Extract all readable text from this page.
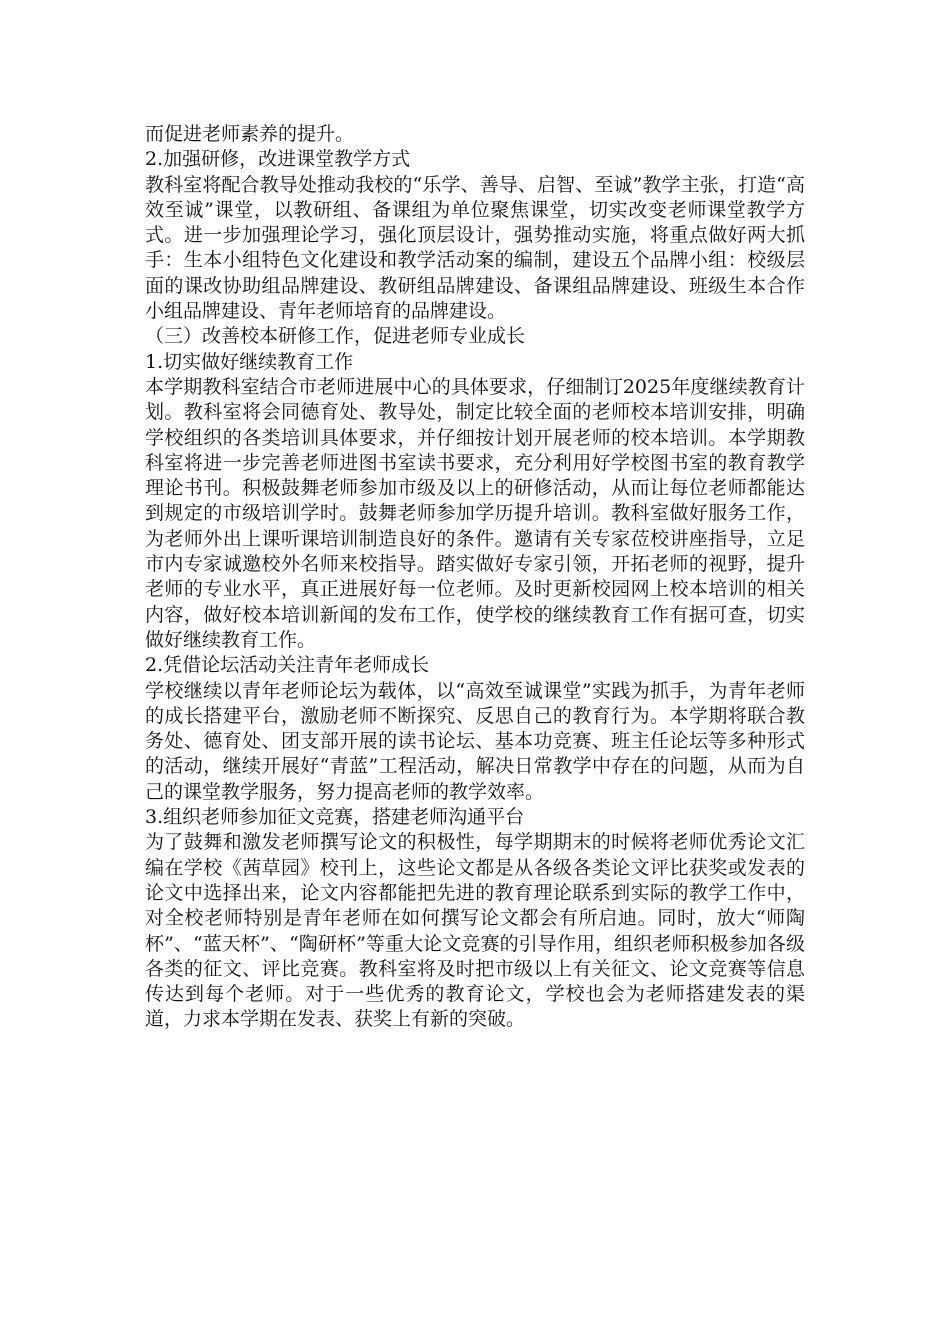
而促进老师素养的提升。

2.加强研修，改进课堂教学方式

教科室将配合教导处推动我校的“乐学、善导、启智、至诚”教学主张，打造“高效至诚”课堂，以教研组、备课组为单位聚焦课堂，切实改变老师课堂教学方式。进一步加强理论学习，强化顶层设计，强势推动实施，将重点做好两大抓手：生本小组特色文化建设和教学活动案的编制，建设五个品牌小组：校级层面的课改协助组品牌建设、教研组品牌建设、备课组品牌建设、班级生本合作小组品牌建设、青年老师培育的品牌建设。

（三）改善校本研修工作，促进老师专业成长

1.切实做好继续教育工作

本学期教科室结合市老师进展中心的具体要求，仔细制订2025年度继续教育计划。教科室将会同德育处、教导处，制定比较全面的老师校本培训安排，明确学校组织的各类培训具体要求，并仔细按计划开展老师的校本培训。本学期教科室将进一步完善老师进图书室读书要求，充分利用好学校图书室的教育教学理论书刊。积极鼓舞老师参加市级及以上的研修活动，从而让每位老师都能达到规定的市级培训学时。鼓舞老师参加学历提升培训。教科室做好服务工作，为老师外出上课听课培训制造良好的条件。邀请有关专家莅校讲座指导，立足市内专家诚邀校外名师来校指导。踏实做好专家引领，开拓老师的视野，提升老师的专业水平，真正进展好每一位老师。及时更新校园网上校本培训的相关内容，做好校本培训新闻的发布工作，使学校的继续教育工作有据可查，切实做好继续教育工作。

2.凭借论坛活动关注青年老师成长

学校继续以青年老师论坛为载体，以“高效至诚课堂”实践为抓手，为青年老师的成长搭建平台，激励老师不断探究、反思自己的教育行为。本学期将联合教务处、德育处、团支部开展的读书论坛、基本功竞赛、班主任论坛等多种形式的活动，继续开展好“青蓝”工程活动，解决日常教学中存在的问题，从而为自己的课堂教学服务，努力提高老师的教学效率。

3.组织老师参加征文竞赛，搭建老师沟通平台

为了鼓舞和激发老师撰写论文的积极性，每学期期末的时候将老师优秀论文汇编在学校《茜草园》校刊上，这些论文都是从各级各类论文评比获奖或发表的论文中选择出来，论文内容都能把先进的教育理论联系到实际的教学工作中，对全校老师特别是青年老师在如何撰写论文都会有所启迪。同时，放大“师陶杯”、“蓝天杯”、“陶研杯”等重大论文竞赛的引导作用，组织老师积极参加各级各类的征文、评比竞赛。教科室将及时把市级以上有关征文、论文竞赛等信息传达到每个老师。对于一些优秀的教育论文，学校也会为老师搭建发表的渠道，力求本学期在发表、获奖上有新的突破。
